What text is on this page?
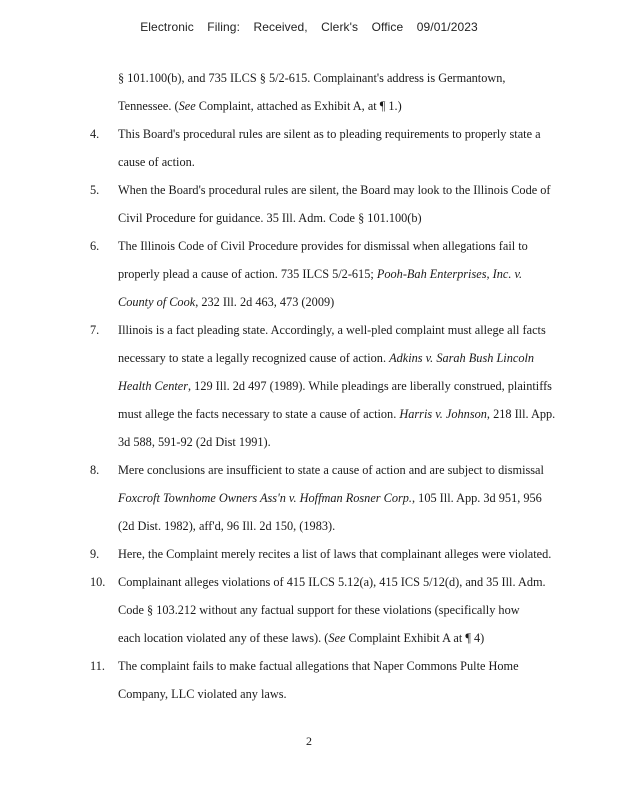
Electronic Filing: Received, Clerk's Office 09/01/2023
§ 101.100(b), and 735 ILCS § 5/2-615. Complainant's address is Germantown,
Tennessee. (See Complaint, attached as Exhibit A, at ¶ 1.)
4.	This Board's procedural rules are silent as to pleading requirements to properly state a
cause of action.
5.	When the Board's procedural rules are silent, the Board may look to the Illinois Code of
Civil Procedure for guidance. 35 Ill. Adm. Code § 101.100(b)
6.	The Illinois Code of Civil Procedure provides for dismissal when allegations fail to
properly plead a cause of action. 735 ILCS 5/2-615; Pooh-Bah Enterprises, Inc. v.
County of Cook, 232 Ill. 2d 463, 473 (2009)
7.	Illinois is a fact pleading state. Accordingly, a well-pled complaint must allege all facts
necessary to state a legally recognized cause of action. Adkins v. Sarah Bush Lincoln
Health Center, 129 Ill. 2d 497 (1989). While pleadings are liberally construed, plaintiffs
must allege the facts necessary to state a cause of action. Harris v. Johnson, 218 Ill. App.
3d 588, 591-92 (2d Dist 1991).
8.	Mere conclusions are insufficient to state a cause of action and are subject to dismissal
Foxcroft Townhome Owners Ass'n v. Hoffman Rosner Corp., 105 Ill. App. 3d 951, 956
(2d Dist. 1982), aff'd, 96 Ill. 2d 150, (1983).
9.	Here, the Complaint merely recites a list of laws that complainant alleges were violated.
10.	Complainant alleges violations of 415 ILCS 5.12(a), 415 ICS 5/12(d), and 35 Ill. Adm.
Code § 103.212 without any factual support for these violations (specifically how
each location violated any of these laws). (See Complaint Exhibit A at ¶ 4)
11.	The complaint fails to make factual allegations that Naper Commons Pulte Home
Company, LLC violated any laws.
2
